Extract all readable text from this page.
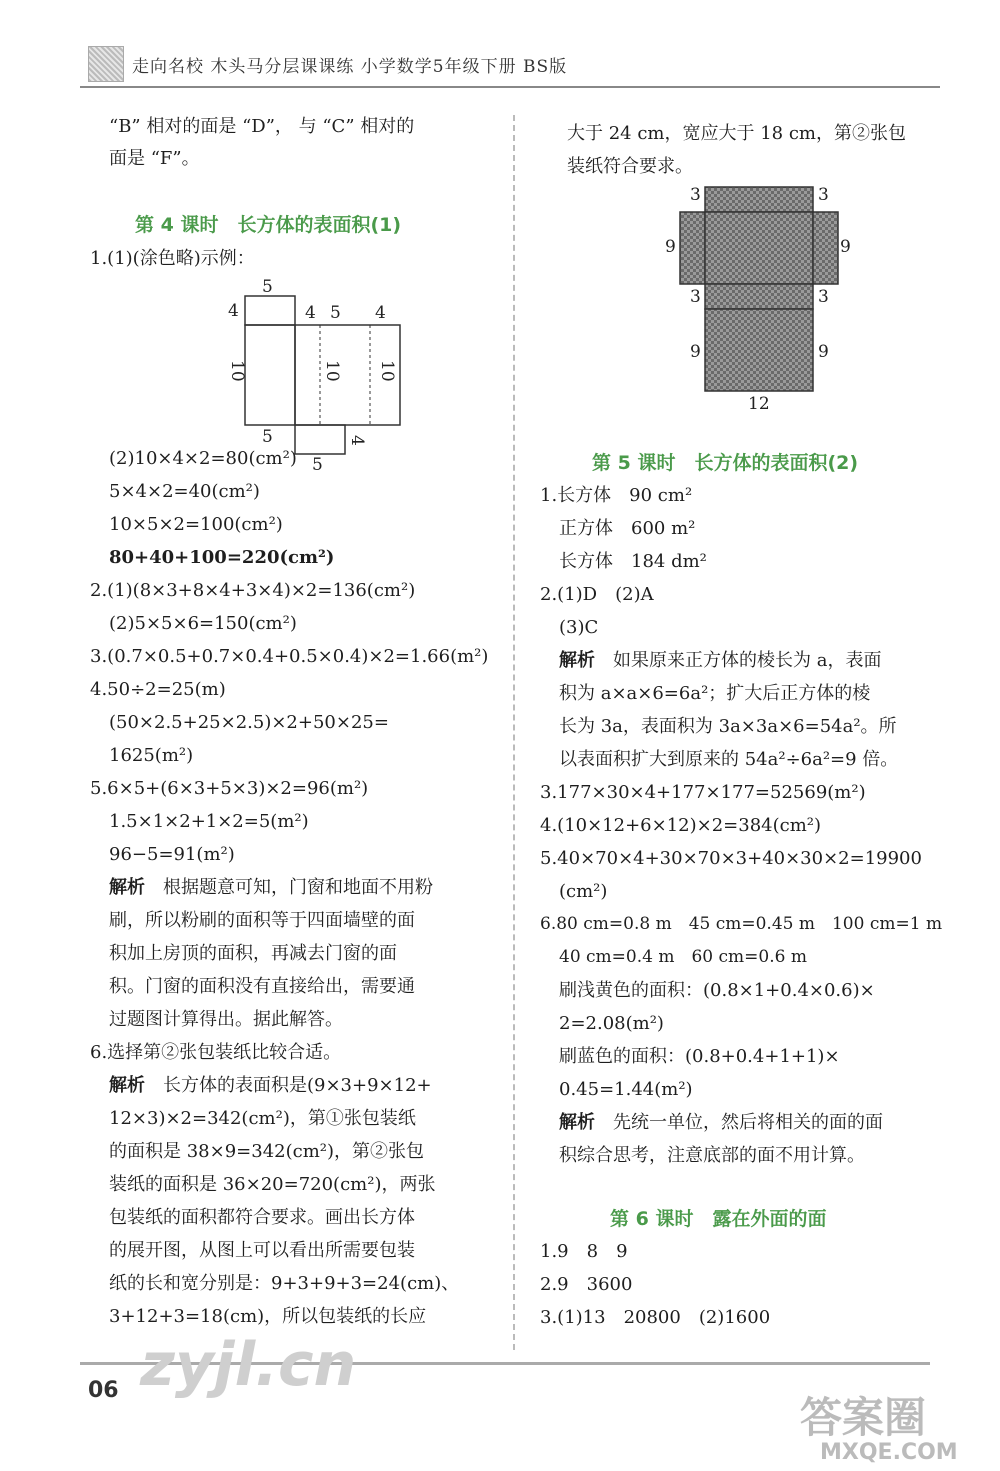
走向名校 木头马分层课课练 小学数学5年级下册 BS版
“B” 相对的面是 “D”， 与 “C” 相对的
面是 “F”。
第 4 课时　长方体的表面积(1)
1.(1)(涂色略)示例：
5
4	4 5 4
10	10 10
5
5
4
(2)10×4×2=80(cm²)
5×4×2=40(cm²)
10×5×2=100(cm²)
80+40+100=220(cm²)
2.(1)(8×3+8×4+3×4)×2=136(cm²)
(2)5×5×6=150(cm²)
3.(0.7×0.5+0.7×0.4+0.5×0.4)×2=1.66(m²)
4.50÷2=25(m)
(50×2.5+25×2.5)×2+50×25=
1625(m²)
5.6×5+(6×3+5×3)×2=96(m²)
1.5×1×2+1×2=5(m²)
96−5=91(m²)
解析　 根据题意可知，门窗和地面不用粉
刷，所以粉刷的面积等于四面墙壁的面
积加上房顶的面积，再减去门窗的面
积。门窗的面积没有直接给出，需要通
过题图计算得出。据此解答。
6.选择第②张包装纸比较合适。
解析　 长方体的表面积是(9×3+9×12+
12×3)×2=342(cm²)，第①张包装纸
的面积是 38×9=342(cm²)，第②张包
装纸的面积是 36×20=720(cm²)，两张
包装纸的面积都符合要求。画出长方体
的展开图，从图上可以看出所需要包装
纸的长和宽分别是：9+3+9+3=24(cm)、
3+12+3=18(cm)，所以包装纸的长应
大于 24 cm，宽应大于 18 cm，第②张包
装纸符合要求。
3
9
3
9
3
9
3
9
12
第 5 课时　长方体的表面积(2)
1.长方体　90 cm²
正方体　600 m²
长方体　184 dm²
2.(1)D　(2)A
(3)C
解析　 如果原来正方体的棱长为 a，表面
积为 a×a×6=6a²；扩大后正方体的棱
长为 3a，表面积为 3a×3a×6=54a²。所
以表面积扩大到原来的 54a²÷6a²=9 倍。
3.177×30×4+177×177=52569(m²)
4.(10×12+6×12)×2=384(cm²)
5.40×70×4+30×70×3+40×30×2=19900
(cm²)
6.80 cm=0.8 m　45 cm=0.45 m　100 cm=1 m
40 cm=0.4 m　60 cm=0.6 m
刷浅黄色的面积：(0.8×1+0.4×0.6)×
2=2.08(m²)
刷蓝色的面积：(0.8+0.4+1+1)×
0.45=1.44(m²)
解析　 先统一单位，然后将相关的面的面
积综合思考，注意底部的面不用计算。
第 6 课时　露在外面的面
1.9　8　9
2.9　3600
3.(1)13　20800　(2)1600
06 zyjl.cn
答案圈
MXQE.COM
